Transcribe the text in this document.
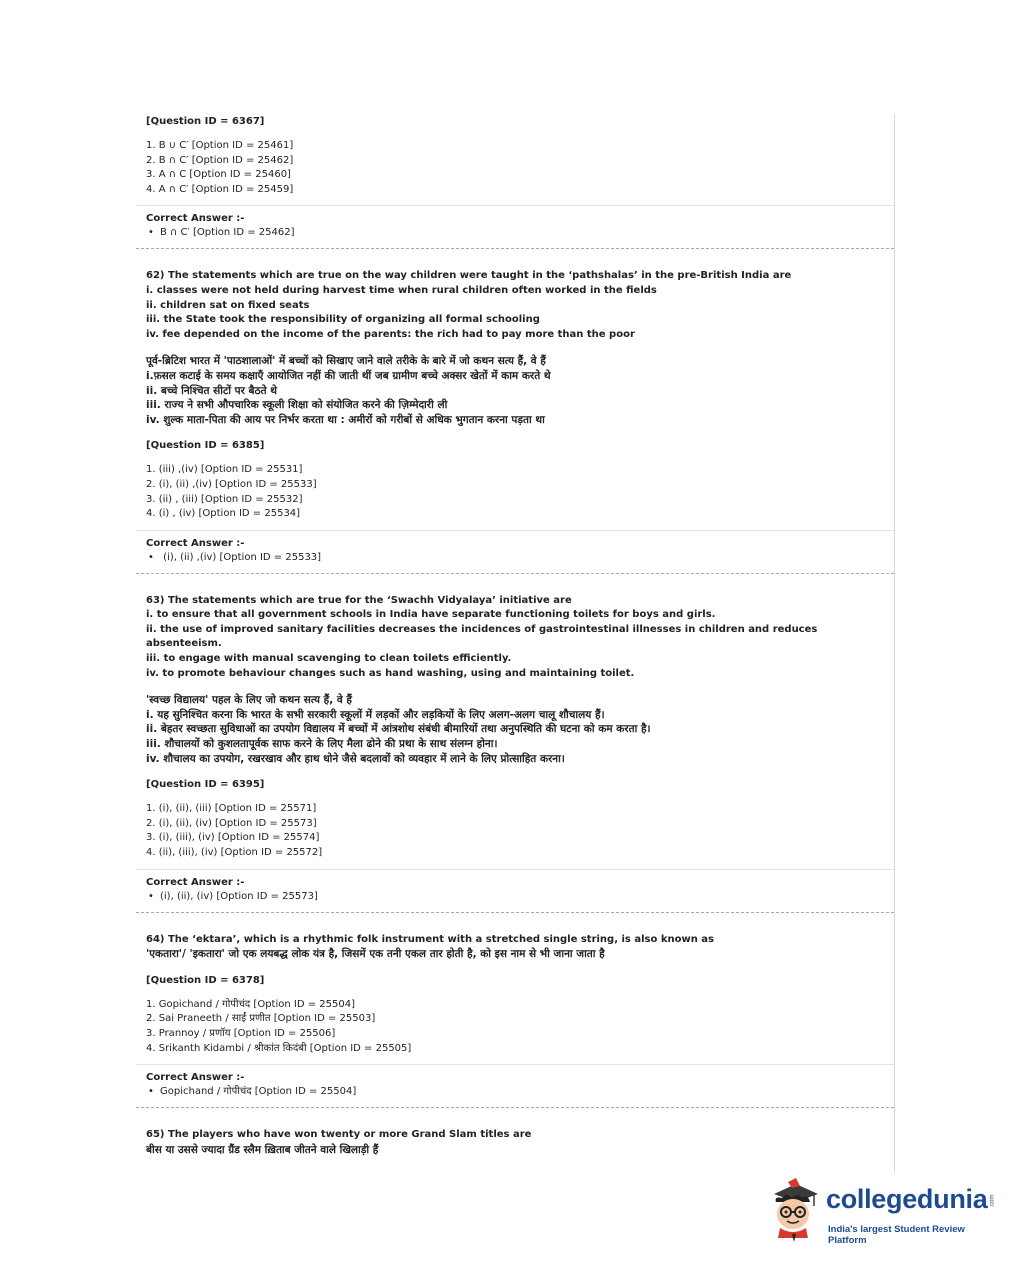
[Question ID = 6367]

1. B ∪ C′ [Option ID = 25461]
2. B ∩ C′ [Option ID = 25462]
3. A ∩ C [Option ID = 25460]
4. A ∩ C′ [Option ID = 25459]

Correct Answer :-

• B ∩ C′ [Option ID = 25462]

62) The statements which are true on the way children were taught in the ‘pathshalas’ in the pre-British India are

i. classes were not held during harvest time when rural children often worked in the fields

ii. children sat on fixed seats

iii. the State took the responsibility of organizing all formal schooling

iv. fee depended on the income of the parents: the rich had to pay more than the poor

पूर्व-ब्रिटिश भारत में 'पाठशालाओं' में बच्चों को सिखाए जाने वाले तरीके के बारे में जो कथन सत्य हैं, वे हैं

i.फ़सल कटाई के समय कक्षाएँ आयोजित नहीं की जाती थीं जब ग्रामीण बच्चे अक्सर खेतों में काम करते थे

ii. बच्चे निश्चित सीटों पर बैठते थे

iii. राज्य ने सभी औपचारिक स्कूली शिक्षा को संयोजित करने की ज़िम्मेदारी ली

iv. शुल्क माता-पिता की आय पर निर्भर करता था : अमीरों को गरीबों से अधिक भुगतान करना पड़ता था

[Question ID = 6385]

1. (iii) ,(iv) [Option ID = 25531]
2. (i), (ii) ,(iv) [Option ID = 25533]
3. (ii) , (iii) [Option ID = 25532]
4. (i) , (iv) [Option ID = 25534]

Correct Answer :-

• (i), (ii) ,(iv) [Option ID = 25533]

63) The statements which are true for the ‘Swachh Vidyalaya’ initiative are

i. to ensure that all government schools in India have separate functioning toilets for boys and girls.

ii. the use of improved sanitary facilities decreases the incidences of gastrointestinal illnesses in children and reduces absenteeism.

iii. to engage with manual scavenging to clean toilets efficiently.

iv. to promote behaviour changes such as hand washing, using and maintaining toilet.

'स्वच्छ विद्यालय' पहल के लिए जो कथन सत्य हैं, वे हैं

i. यह सुनिश्चित करना कि भारत के सभी सरकारी स्कूलों में लड़कों और लड़कियों के लिए अलग-अलग चालू शौचालय हैं।

ii. बेहतर स्वच्छता सुविधाओं का उपयोग विद्यालय में बच्चों में आंत्रशोथ संबंधी बीमारियों तथा अनुपस्थिति की घटना को कम करता है।

iii. शौचालयों को कुशलतापूर्वक साफ करने के लिए मैला ढोने की प्रथा के साथ संलग्न होना।

iv. शौचालय का उपयोग, रखरखाव और हाथ धोने जैसे बदलावों को व्यवहार में लाने के लिए प्रोत्साहित करना।

[Question ID = 6395]

1. (i), (ii), (iii) [Option ID = 25571]
2. (i), (ii), (iv) [Option ID = 25573]
3. (i), (iii), (iv) [Option ID = 25574]
4. (ii), (iii), (iv) [Option ID = 25572]

Correct Answer :-

• (i), (ii), (iv) [Option ID = 25573]

64) The ‘ektara’, which is a rhythmic folk instrument with a stretched single string, is also known as

'एकतारा'/ 'इकतारा' जो एक लयबद्ध लोक यंत्र है, जिसमें एक तनी एकल तार होती है, को इस नाम से भी जाना जाता है

[Question ID = 6378]

1. Gopichand / गोपीचंद [Option ID = 25504]
2. Sai Praneeth / साईं प्रणीत [Option ID = 25503]
3. Prannoy / प्रणॉय [Option ID = 25506]
4. Srikanth Kidambi / श्रीकांत किदंबी [Option ID = 25505]

Correct Answer :-

• Gopichand / गोपीचंद [Option ID = 25504]

65) The players who have won twenty or more Grand Slam titles are

बीस या उससे ज्यादा ग्रैंड स्लैम ख़िताब जीतने वाले खिलाड़ी हैं

collegedunia .com
India's largest Student Review Platform
